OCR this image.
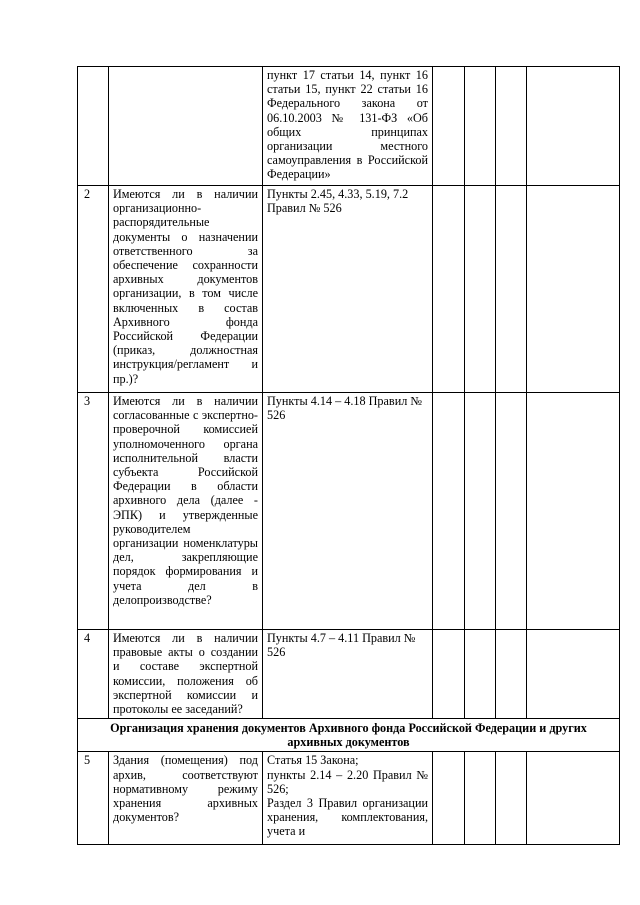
		пункт 17 статьи 14, пункт 16 статьи 15, пункт 22 статьи 16 Федерального закона от 06.10.2003 № 131-ФЗ «Об общих принципах организации местного самоуправления в Российской Федерации»				
2	Имеются ли в наличии организационно-распорядительные документы о назначении ответственного за обеспечение сохранности архивных документов организации, в том числе включенных в состав Архивного фонда Российской Федерации (приказ, должностная инструкция/регламент и пр.)?	Пункты 2.45, 4.33, 5.19, 7.2 Правил № 526				
3	Имеются ли в наличии согласованные с экспертно-проверочной комиссией уполномоченного органа исполнительной власти субъекта Российской Федерации в области архивного дела (далее - ЭПК) и утвержденные руководителем организации номенклатуры дел, закрепляющие порядок формирования и учета дел в делопроизводстве?	Пункты 4.14 – 4.18 Правил № 526				
4	Имеются ли в наличии правовые акты о создании и составе экспертной комиссии, положения об экспертной комиссии и протоколы ее заседаний?	Пункты 4.7 – 4.11 Правил № 526				
Организация хранения документов Архивного фонда Российской Федерации и других архивных документов						
5	Здания (помещения) под архив, соответствуют нормативному режиму хранения архивных документов?	Статья 15 Закона;
пункты 2.14 – 2.20 Правил № 526;
Раздел 3 Правил организации хранения, комплектования, учета и				
